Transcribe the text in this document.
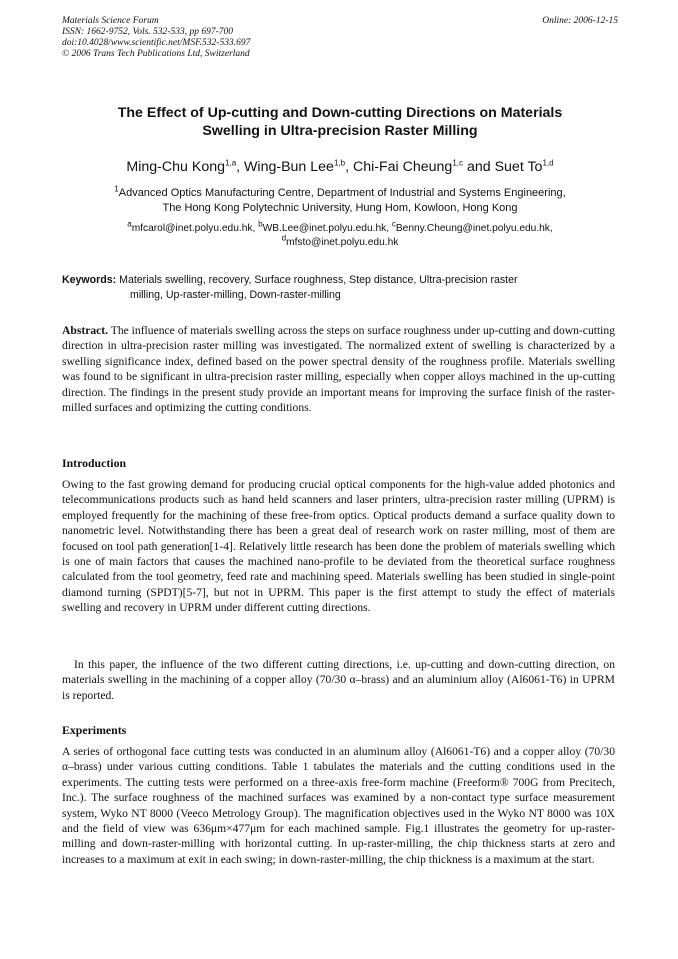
Materials Science Forum
ISSN: 1662-9752, Vols. 532-533, pp 697-700
doi:10.4028/www.scientific.net/MSF.532-533.697
© 2006 Trans Tech Publications Ltd, Switzerland
Online: 2006-12-15
The Effect of Up-cutting and Down-cutting Directions on Materials
Swelling in Ultra-precision Raster Milling
Ming-Chu Kong$^{1,a}$, Wing-Bun Lee$^{1,b}$, Chi-Fai Cheung$^{1,c}$ and Suet To$^{1,d}$
$^1$Advanced Optics Manufacturing Centre, Department of Industrial and Systems Engineering,
The Hong Kong Polytechnic University, Hung Hom, Kowloon, Hong Kong
$^a$mfcarol@inet.polyu.edu.hk, $^b$WB.Lee@inet.polyu.edu.hk, $^c$Benny.Cheung@inet.polyu.edu.hk,
$^d$mfsto@inet.polyu.edu.hk
Keywords: Materials swelling, recovery, Surface roughness, Step distance, Ultra-precision raster
milling, Up-raster-milling, Down-raster-milling
Abstract. The influence of materials swelling across the steps on surface roughness under up-cutting and down-cutting direction in ultra-precision raster milling was investigated. The normalized extent of swelling is characterized by a swelling significance index, defined based on the power spectral density of the roughness profile. Materials swelling was found to be significant in ultra-precision raster milling, especially when copper alloys machined in the up-cutting direction. The findings in the present study provide an important means for improving the surface finish of the raster-milled surfaces and optimizing the cutting conditions.
Introduction
Owing to the fast growing demand for producing crucial optical components for the high-value added photonics and telecommunications products such as hand held scanners and laser printers, ultra-precision raster milling (UPRM) is employed frequently for the machining of these free-from optics. Optical products demand a surface quality down to nanometric level. Notwithstanding there has been a great deal of research work on raster milling, most of them are focused on tool path generation[1-4]. Relatively little research has been done the problem of materials swelling which is one of main factors that causes the machined nano-profile to be deviated from the theoretical surface roughness calculated from the tool geometry, feed rate and machining speed. Materials swelling has been studied in single-point diamond turning (SPDT)[5-7], but not in UPRM. This paper is the first attempt to study the effect of materials swelling and recovery in UPRM under different cutting directions.
In this paper, the influence of the two different cutting directions, i.e. up-cutting and down-cutting direction, on materials swelling in the machining of a copper alloy (70/30 α–brass) and an aluminium alloy (Al6061-T6) in UPRM is reported.
Experiments
A series of orthogonal face cutting tests was conducted in an aluminum alloy (Al6061-T6) and a copper alloy (70/30 α–brass) under various cutting conditions. Table 1 tabulates the materials and the cutting conditions used in the experiments. The cutting tests were performed on a three-axis free-form machine (Freeform® 700G from Precitech, Inc.). The surface roughness of the machined surfaces was examined by a non-contact type surface measurement system, Wyko NT 8000 (Veeco Metrology Group). The magnification objectives used in the Wyko NT 8000 was 10X and the field of view was 636μm×477μm for each machined sample. Fig.1 illustrates the geometry for up-raster-milling and down-raster-milling with horizontal cutting. In up-raster-milling, the chip thickness starts at zero and increases to a maximum at exit in each swing; in down-raster-milling, the chip thickness is a maximum at the start.
